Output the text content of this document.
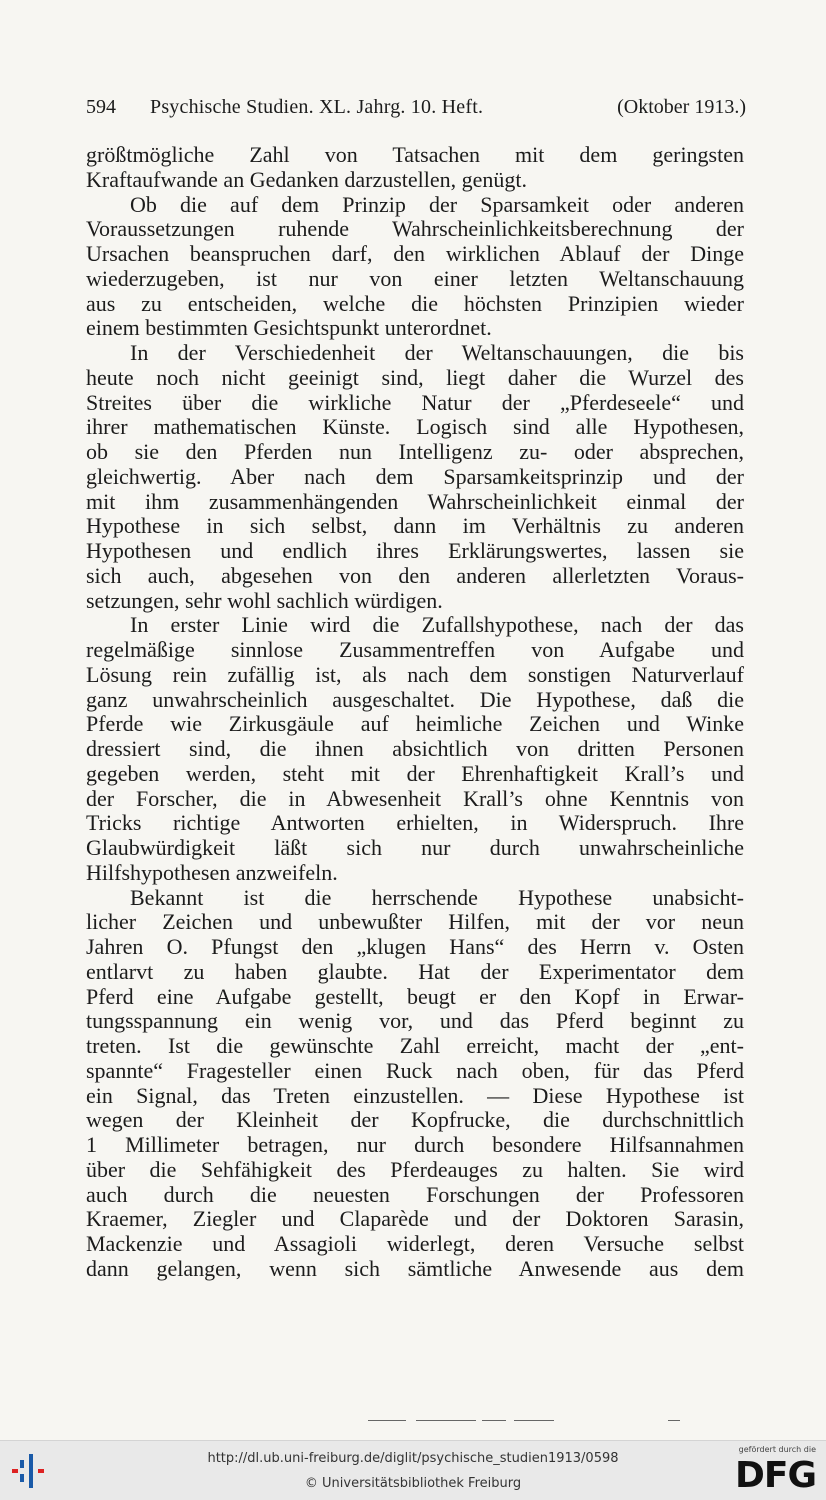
594 Psychische Studien. XL. Jahrg. 10. Heft.	(Oktober 1913.)
größtmögliche Zahl von Tatsachen mit dem geringsten
Kraftaufwande an Gedanken darzustellen, genügt.
Ob die auf dem Prinzip der Sparsamkeit oder anderen
Voraussetzungen ruhende Wahrscheinlichkeitsberechnung der
Ursachen beanspruchen darf, den wirklichen Ablauf der Dinge
wiederzugeben, ist nur von einer letzten Weltanschauung
aus zu entscheiden, welche die höchsten Prinzipien wieder
einem bestimmten Gesichtspunkt unterordnet.
In der Verschiedenheit der Weltanschauungen, die bis
heute noch nicht geeinigt sind, liegt daher die Wurzel des
Streites über die wirkliche Natur der „Pferdeseele“ und
ihrer mathematischen Künste. Logisch sind alle Hypothesen,
ob sie den Pferden nun Intelligenz zu- oder absprechen,
gleichwertig. Aber nach dem Sparsamkeitsprinzip und der
mit ihm zusammenhängenden Wahrscheinlichkeit einmal der
Hypothese in sich selbst, dann im Verhältnis zu anderen
Hypothesen und endlich ihres Erklärungswertes, lassen sie
sich auch, abgesehen von den anderen allerletzten Voraus-
setzungen, sehr wohl sachlich würdigen.
In erster Linie wird die Zufallshypothese, nach der das
regelmäßige sinnlose Zusammentreffen von Aufgabe und
Lösung rein zufällig ist, als nach dem sonstigen Naturverlauf
ganz unwahrscheinlich ausgeschaltet. Die Hypothese, daß die
Pferde wie Zirkusgäule auf heimliche Zeichen und Winke
dressiert sind, die ihnen absichtlich von dritten Personen
gegeben werden, steht mit der Ehrenhaftigkeit Krall’s und
der Forscher, die in Abwesenheit Krall’s ohne Kenntnis von
Tricks richtige Antworten erhielten, in Widerspruch. Ihre
Glaubwürdigkeit läßt sich nur durch unwahrscheinliche
Hilfshypothesen anzweifeln.
Bekannt ist die herrschende Hypothese unabsicht-
licher Zeichen und unbewußter Hilfen, mit der vor neun
Jahren O. Pfungst den „klugen Hans“ des Herrn v. Osten
entlarvt zu haben glaubte. Hat der Experimentator dem
Pferd eine Aufgabe gestellt, beugt er den Kopf in Erwar-
tungsspannung ein wenig vor, und das Pferd beginnt zu
treten. Ist die gewünschte Zahl erreicht, macht der „ent-
spannte“ Fragesteller einen Ruck nach oben, für das Pferd
ein Signal, das Treten einzustellen. — Diese Hypothese ist
wegen der Kleinheit der Kopfrucke, die durchschnittlich
1 Millimeter betragen, nur durch besondere Hilfsannahmen
über die Sehfähigkeit des Pferdeauges zu halten. Sie wird
auch durch die neuesten Forschungen der Professoren
Kraemer, Ziegler und Claparède und der Doktoren Sarasin,
Mackenzie und Assagioli widerlegt, deren Versuche selbst
dann gelangen, wenn sich sämtliche Anwesende aus dem
http://dl.ub.uni-freiburg.de/diglit/psychische_studien1913/0598
© Universitätsbibliothek Freiburg
gefördert durch die
DFG
